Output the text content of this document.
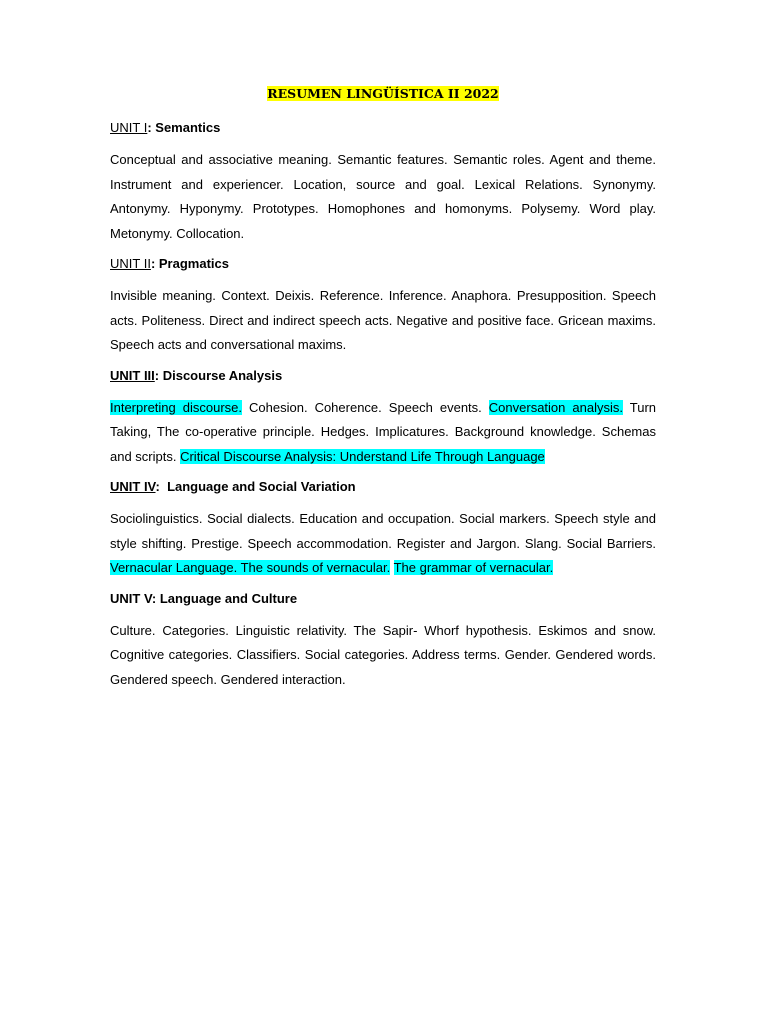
RESUMEN LINGÜÍSTICA II 2022

UNIT I: Semantics

Conceptual and associative meaning. Semantic features. Semantic roles. Agent and theme. Instrument and experiencer. Location, source and goal. Lexical Relations. Synonymy. Antonymy. Hyponymy. Prototypes. Homophones and homonyms. Polysemy. Word play. Metonymy. Collocation.

UNIT II: Pragmatics

Invisible meaning. Context. Deixis. Reference. Inference. Anaphora. Presupposition. Speech acts. Politeness. Direct and indirect speech acts. Negative and positive face. Gricean maxims. Speech acts and conversational maxims.

UNIT III: Discourse Analysis

Interpreting discourse. Cohesion. Coherence. Speech events. Conversation analysis. Turn Taking, The co-operative principle. Hedges. Implicatures. Background knowledge. Schemas and scripts. Critical Discourse Analysis: Understand Life Through Language

UNIT IV:  Language and Social Variation

Sociolinguistics. Social dialects. Education and occupation. Social markers. Speech style and style shifting. Prestige. Speech accommodation. Register and Jargon. Slang. Social Barriers. Vernacular Language. The sounds of vernacular. The grammar of vernacular.

UNIT V: Language and Culture

Culture. Categories. Linguistic relativity. The Sapir- Whorf hypothesis. Eskimos and snow. Cognitive categories. Classifiers. Social categories. Address terms. Gender. Gendered words. Gendered speech. Gendered interaction.
